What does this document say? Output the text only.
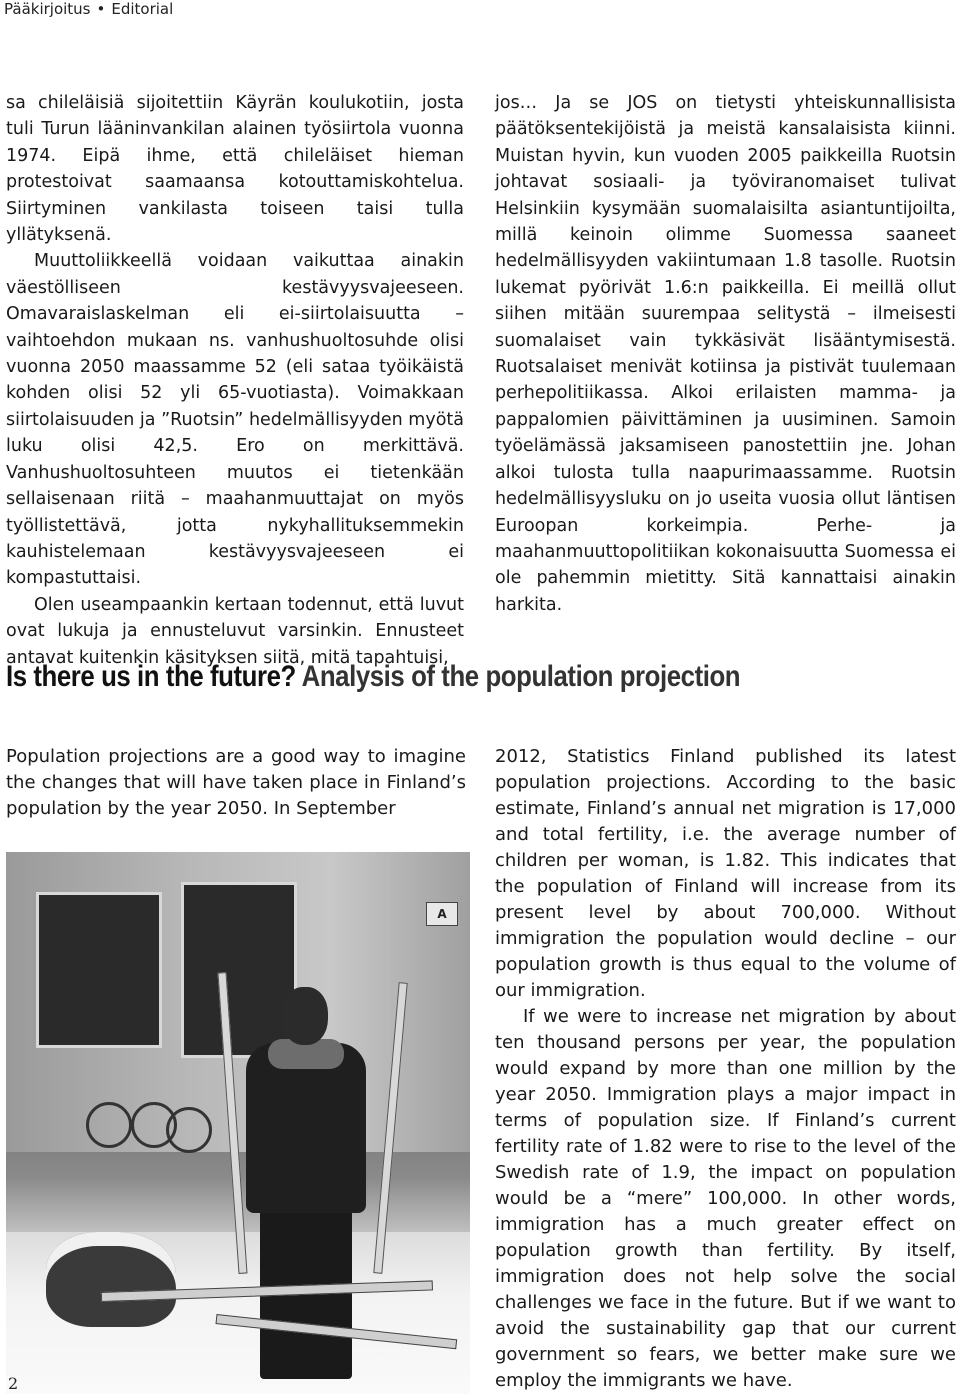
Pääkirjoitus • Editorial

sa chileläisiä sijoitettiin Käyrän koulukotiin, josta tuli Turun lääninvankilan alainen työsiirtola vuonna 1974. Eipä ihme, että chileläiset hieman protestoivat saamaansa kotouttamiskohtelua. Siirtyminen vankilasta toiseen taisi tulla yllätyksenä.

Muuttoliikkeellä voidaan vaikuttaa ainakin väestölliseen kestävyysvajeeseen. Omavaraislaskelman eli ei-siirtolaisuutta –vaihtoehdon mukaan ns. vanhushuoltosuhde olisi vuonna 2050 maassamme 52 (eli sataa työikäistä kohden olisi 52 yli 65-vuotiasta). Voimakkaan siirtolaisuuden ja ”Ruotsin” hedelmällisyyden myötä luku olisi 42,5. Ero on merkittävä. Vanhushuoltosuhteen muutos ei tietenkään sellaisenaan riitä – maahanmuuttajat on myös työllistettävä, jotta nykyhallituksemmekin kauhistelemaan kestävyysvajeeseen ei kompastuttaisi.

Olen useampaankin kertaan todennut, että luvut ovat lukuja ja ennusteluvut varsinkin. Ennusteet antavat kuitenkin käsityksen siitä, mitä tapahtuisi,

jos… Ja se JOS on tietysti yhteiskunnallisista päätöksentekijöistä ja meistä kansalaisista kiinni. Muistan hyvin, kun vuoden 2005 paikkeilla Ruotsin johtavat sosiaali- ja työviranomaiset tulivat Helsinkiin kysymään suomalaisilta asiantuntijoilta, millä keinoin olimme Suomessa saaneet hedelmällisyyden vakiintumaan 1.8 tasolle. Ruotsin lukemat pyörivät 1.6:n paikkeilla. Ei meillä ollut siihen mitään suurempaa selitystä – ilmeisesti suomalaiset vain tykkäsivät lisääntymisestä. Ruotsalaiset menivät kotiinsa ja pistivät tuulemaan perhepolitiikassa. Alkoi erilaisten mamma- ja pappalomien päivittäminen ja uusiminen. Samoin työelämässä jaksamiseen panostettiin jne. Johan alkoi tulosta tulla naapurimaassamme. Ruotsin hedelmällisyysluku on jo useita vuosia ollut läntisen Euroopan korkeimpia. Perhe- ja maahanmuuttopolitiikan kokonaisuutta Suomessa ei ole pahemmin mietitty. Sitä kannattaisi ainakin harkita.

Is there us in the future? Analysis of the population projection

Population projections are a good way to imagine the changes that will have taken place in Finland’s population by the year 2050. In September

A

2012, Statistics Finland published its latest population projections. According to the basic estimate, Finland’s annual net migration is 17,000 and total fertility, i.e. the average number of children per woman, is 1.82. This indicates that the population of Finland will increase from its present level by about 700,000. Without immigration the population would decline – our population growth is thus equal to the volume of our immigration.

If we were to increase net migration by about ten thousand persons per year, the population would expand by more than one million by the year 2050. Immigration plays a major impact in terms of population size. If Finland’s current fertility rate of 1.82 were to rise to the level of the Swedish rate of 1.9, the impact on population would be a “mere” 100,000. In other words, immigration has a much greater effect on population growth than fertility. By itself, immigration does not help solve the social challenges we face in the future. But if we want to avoid the sustainability gap that our current government so fears, we better make sure we employ the immigrants we have.

2
